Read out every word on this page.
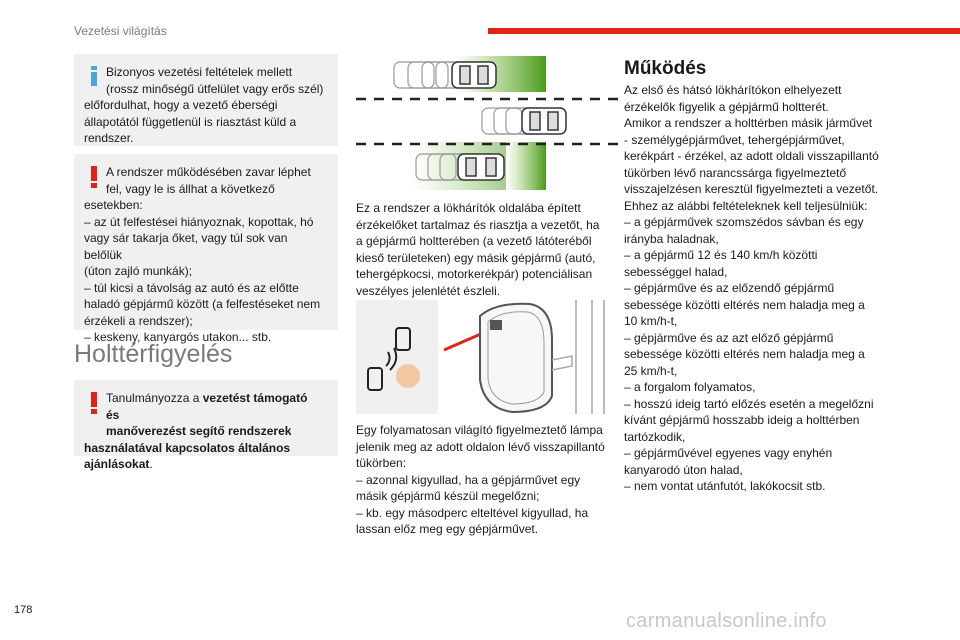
Vezetési világítás
Bizonyos vezetési feltételek mellett
(rossz minőségű útfelület vagy erős szél)
előfordulhat, hogy a vezető éberségi
állapotától függetlenül is riasztást küld a
rendszer.
A rendszer működésében zavar léphet
fel, vagy le is állhat a következő
esetekben:
– az út felfestései hiányoznak, kopottak, hó
vagy sár takarja őket, vagy túl sok van belőlük
(úton zajló munkák);
– túl kicsi a távolság az autó és az előtte
haladó gépjármű között (a felfestéseket nem
érzékeli a rendszer);
– keskeny, kanyargós utakon... stb.
Holttérfigyelés

Tanulmányozza a vezetést támogató és

manőverezést segítő rendszerek

használatával kapcsolatos általános

ajánlásokat.

Ez a rendszer a lökhárítók oldalába épített
érzékelőket tartalmaz és riasztja a vezetőt, ha
a gépjármű holtterében (a vezető látóteréből
kieső területeken) egy másik gépjármű (autó,
tehergépkocsi, motorkerékpár) potenciálisan
veszélyes jelenlétét észleli.
Egy folyamatosan világító figyelmeztető lámpa
jelenik meg az adott oldalon lévő visszapillantó
tükörben:
– azonnal kigyullad, ha a gépjárművet egy
másik gépjármű készül megelőzni;
– kb. egy másodperc elteltével kigyullad, ha
lassan előz meg egy gépjárművet.
Működés
Az első és hátsó lökhárítókon elhelyezett
érzékelők figyelik a gépjármű holtterét.
Amikor a rendszer a holttérben másik járművet
- személygépjárművet, tehergépjárművet,
kerékpárt - érzékel, az adott oldali visszapillantó
tükörben lévő narancssárga figyelmeztető
visszajelzésen keresztül figyelmezteti a vezetőt.
Ehhez az alábbi feltételeknek kell teljesülniük:
– a gépjárművek szomszédos sávban és egy
irányba haladnak,
– a gépjármű 12 és 140 km/h közötti
sebességgel halad,
– gépjárműve és az előzendő gépjármű
sebessége közötti eltérés nem haladja meg a
10 km/h-t,
– gépjárműve és az azt előző gépjármű
sebessége közötti eltérés nem haladja meg a
25 km/h-t,
– a forgalom folyamatos,
– hosszú ideig tartó előzés esetén a megelőzni
kívánt gépjármű hosszabb ideig a holttérben
tartózkodik,
– gépjárművével egyenes vagy enyhén
kanyarodó úton halad,
– nem vontat utánfutót, lakókocsit stb.
178	carmanualsonline.info
